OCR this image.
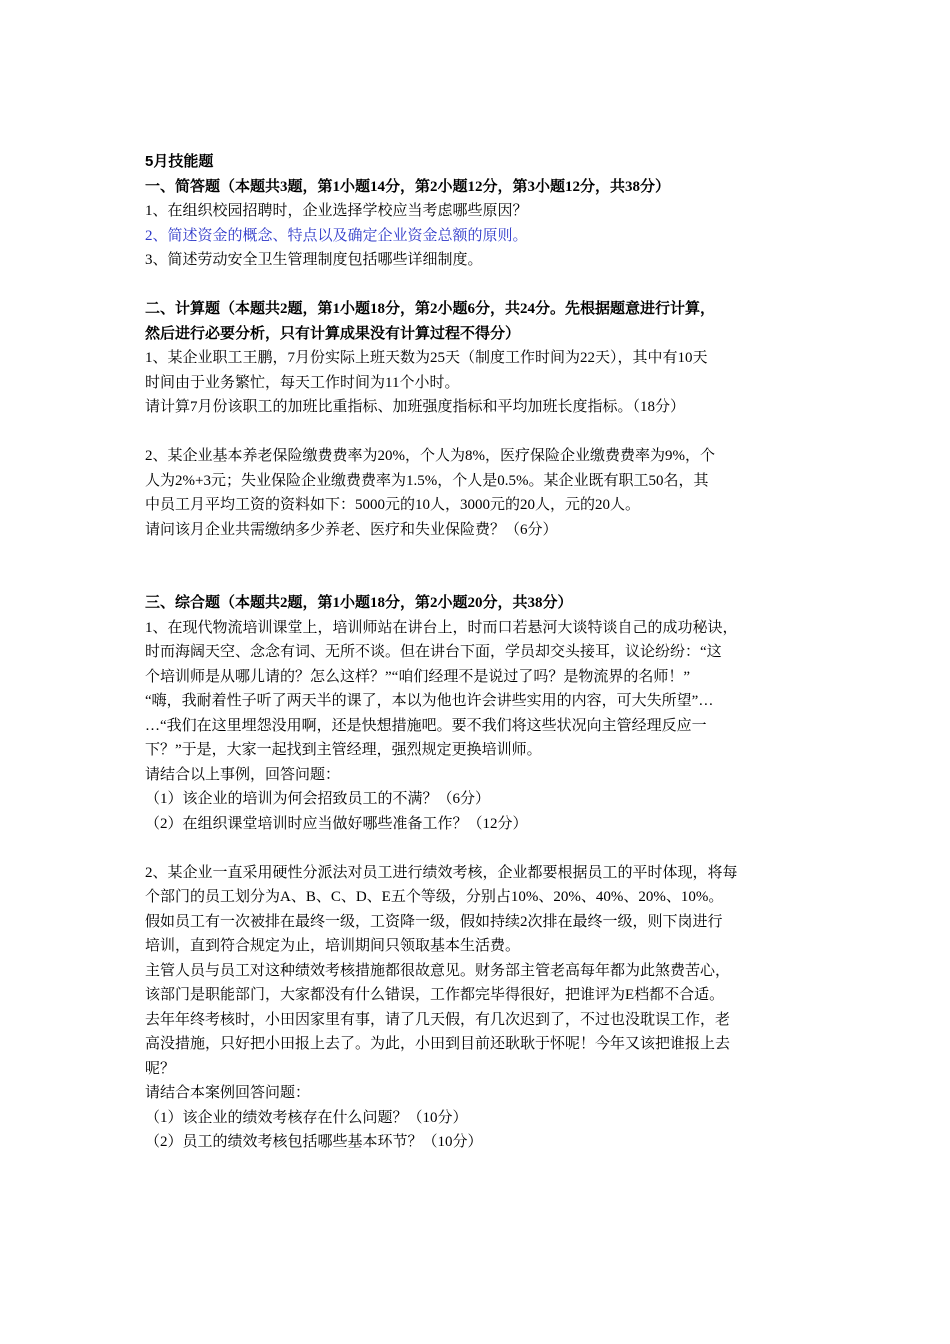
5月技能题
一、简答题（本题共3题，第1小题14分，第2小题12分，第3小题12分，共38分）
1、在组织校园招聘时，企业选择学校应当考虑哪些原因？
2、简述资金的概念、特点以及确定企业资金总额的原则。
3、简述劳动安全卫生管理制度包括哪些详细制度。
二、计算题（本题共2题，第1小题18分，第2小题6分，共24分。先根据题意进行计算，
然后进行必要分析，只有计算成果没有计算过程不得分）
1、某企业职工王鹏，7月份实际上班天数为25天（制度工作时间为22天），其中有10天
时间由于业务繁忙，每天工作时间为11个小时。
请计算7月份该职工的加班比重指标、加班强度指标和平均加班长度指标。（18分）
2、某企业基本养老保险缴费费率为20%，个人为8%，医疗保险企业缴费费率为9%，个
人为2%+3元；失业保险企业缴费费率为1.5%，个人是0.5%。某企业既有职工50名，其
中员工月平均工资的资料如下：5000元的10人，3000元的20人，元的20人。
请问该月企业共需缴纳多少养老、医疗和失业保险费？（6分）
三、综合题（本题共2题，第1小题18分，第2小题20分，共38分）
1、在现代物流培训课堂上，培训师站在讲台上，时而口若悬河大谈特谈自己的成功秘诀，
时而海阔天空、念念有词、无所不谈。但在讲台下面，学员却交头接耳，议论纷纷：“这
个培训师是从哪儿请的？怎么这样？”“咱们经理不是说过了吗？是物流界的名师！”
“嗨，我耐着性子听了两天半的课了，本以为他也许会讲些实用的内容，可大失所望”…
…“我们在这里埋怨没用啊，还是快想措施吧。要不我们将这些状况向主管经理反应一
下？”于是，大家一起找到主管经理，强烈规定更换培训师。
请结合以上事例，回答问题：
（1）该企业的培训为何会招致员工的不满？（6分）
（2）在组织课堂培训时应当做好哪些准备工作？（12分）
2、某企业一直采用硬性分派法对员工进行绩效考核，企业都要根据员工的平时体现，将每
个部门的员工划分为A、B、C、D、E五个等级，分别占10%、20%、40%、20%、10%。
假如员工有一次被排在最终一级，工资降一级，假如持续2次排在最终一级，则下岗进行
培训，直到符合规定为止，培训期间只领取基本生活费。
主管人员与员工对这种绩效考核措施都很故意见。财务部主管老高每年都为此煞费苦心，
该部门是职能部门，大家都没有什么错误，工作都完毕得很好，把谁评为E档都不合适。
去年年终考核时，小田因家里有事，请了几天假，有几次迟到了，不过也没耽误工作，老
高没措施，只好把小田报上去了。为此，小田到目前还耿耿于怀呢！今年又该把谁报上去
呢？
请结合本案例回答问题：
（1）该企业的绩效考核存在什么问题？（10分）
（2）员工的绩效考核包括哪些基本环节？（10分）
